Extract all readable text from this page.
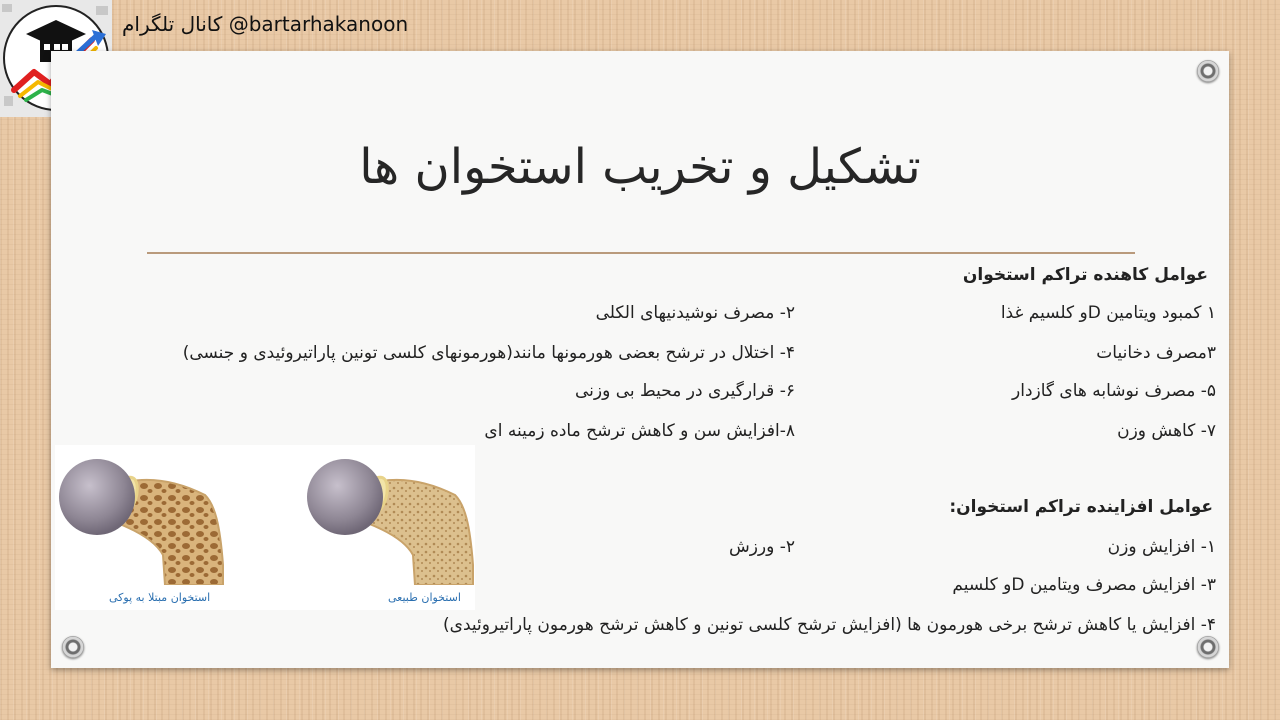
کانال تلگرام @bartarhakanoon
تشکیل و تخریب استخوان ها
عوامل کاهنده تراکم استخوان
۱ کمبود ویتامین Dو کلسیم غذا
۲- مصرف نوشیدنیهای الکلی
۳مصرف دخانیات
۴- اختلال در ترشح بعضی هورمونها مانند(هورمونهای کلسی تونین پاراتیروئیدی و جنسی)
۵- مصرف نوشابه های گازدار
۶- قرارگیری در محیط بی وزنی
۷- کاهش وزن
۸-افزایش سن و کاهش ترشح ماده زمینه ای
عوامل افزاینده تراکم استخوان:
۱- افزایش وزن
۲- ورزش
۳- افزایش مصرف ویتامین Dو کلسیم
۴- افزایش یا کاهش ترشح برخی هورمون ها (افزایش ترشح کلسی تونین و کاهش ترشح هورمون پاراتیروئیدی)
استخوان مبتلا به پوکی	استخوان طبیعی
